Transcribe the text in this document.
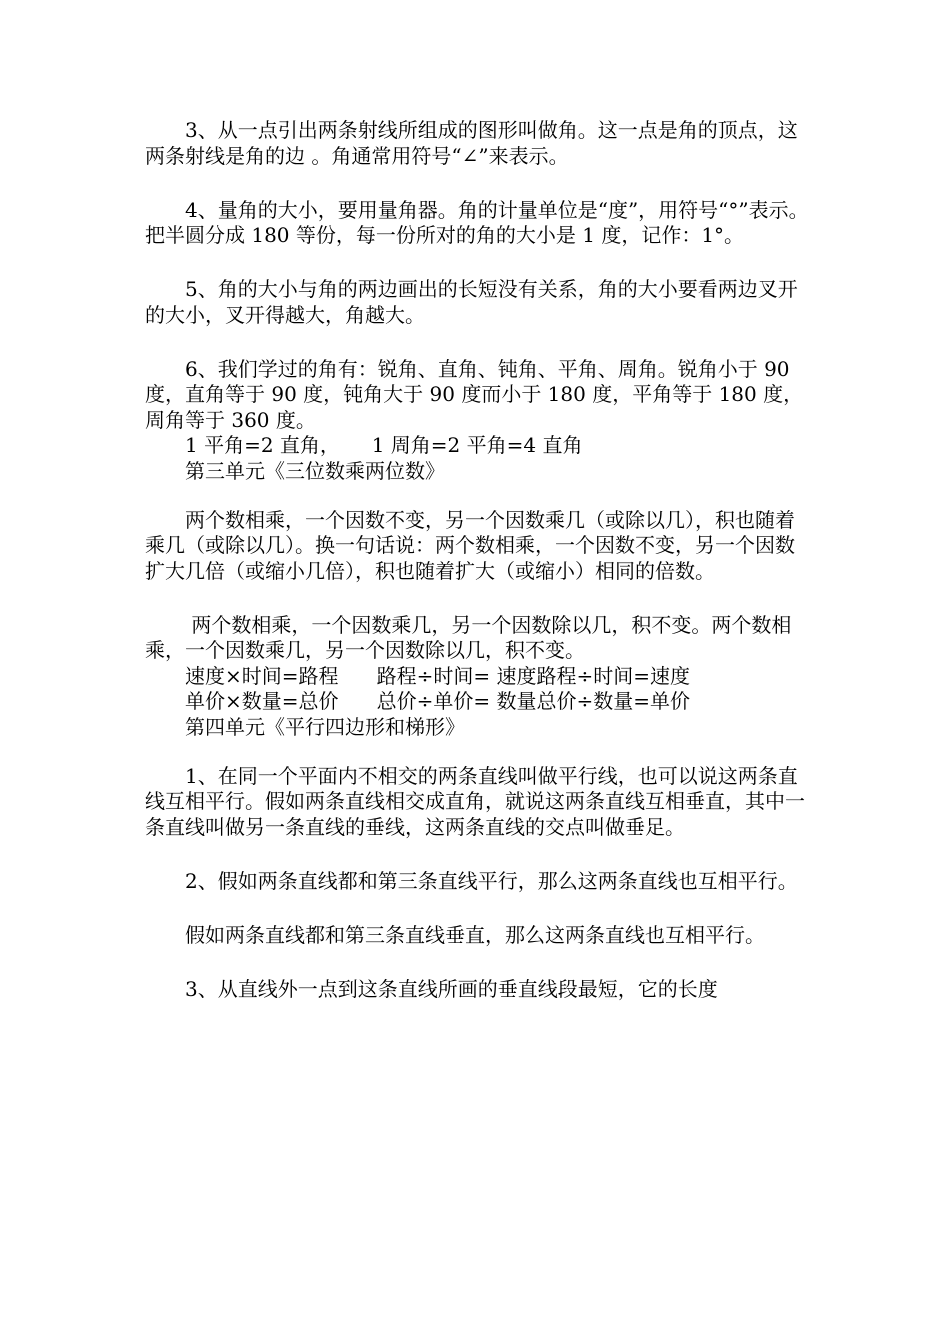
3、从一点引出两条射线所组成的图形叫做角。这一点是角的顶点，这两条射线是角的边 。角通常用符号“∠”来表示。

4、量角的大小，要用量角器。角的计量单位是“度”，用符号“°”表示。把半圆分成 180 等份，每一份所对的角的大小是 1 度，记作：1°。

5、角的大小与角的两边画出的长短没有关系，角的大小要看两边叉开的大小，叉开得越大，角越大。

6、我们学过的角有：锐角、直角、钝角、平角、周角。锐角小于 90 度，直角等于 90 度，钝角大于 90 度而小于 180 度，平角等于 180 度，周角等于 360 度。

1 平角=2 直角，     1 周角=2 平角=4 直角

第三单元《三位数乘两位数》

两个数相乘，一个因数不变，另一个因数乘几（或除以几），积也随着乘几（或除以几）。换一句话说：两个数相乘，一个因数不变，另一个因数扩大几倍（或缩小几倍），积也随着扩大（或缩小）相同的倍数。

两个数相乘，一个因数乘几，另一个因数除以几，积不变。两个数相乘，一个因数乘几，另一个因数除以几，积不变。

速度×时间=路程      路程÷时间= 速度路程÷时间=速度

单价×数量=总价      总价÷单价= 数量总价÷数量=单价

第四单元《平行四边形和梯形》

1、在同一个平面内不相交的两条直线叫做平行线，也可以说这两条直线互相平行。假如两条直线相交成直角，就说这两条直线互相垂直，其中一条直线叫做另一条直线的垂线，这两条直线的交点叫做垂足。

2、假如两条直线都和第三条直线平行，那么这两条直线也互相平行。

假如两条直线都和第三条直线垂直，那么这两条直线也互相平行。

3、从直线外一点到这条直线所画的垂直线段最短，它的长度
